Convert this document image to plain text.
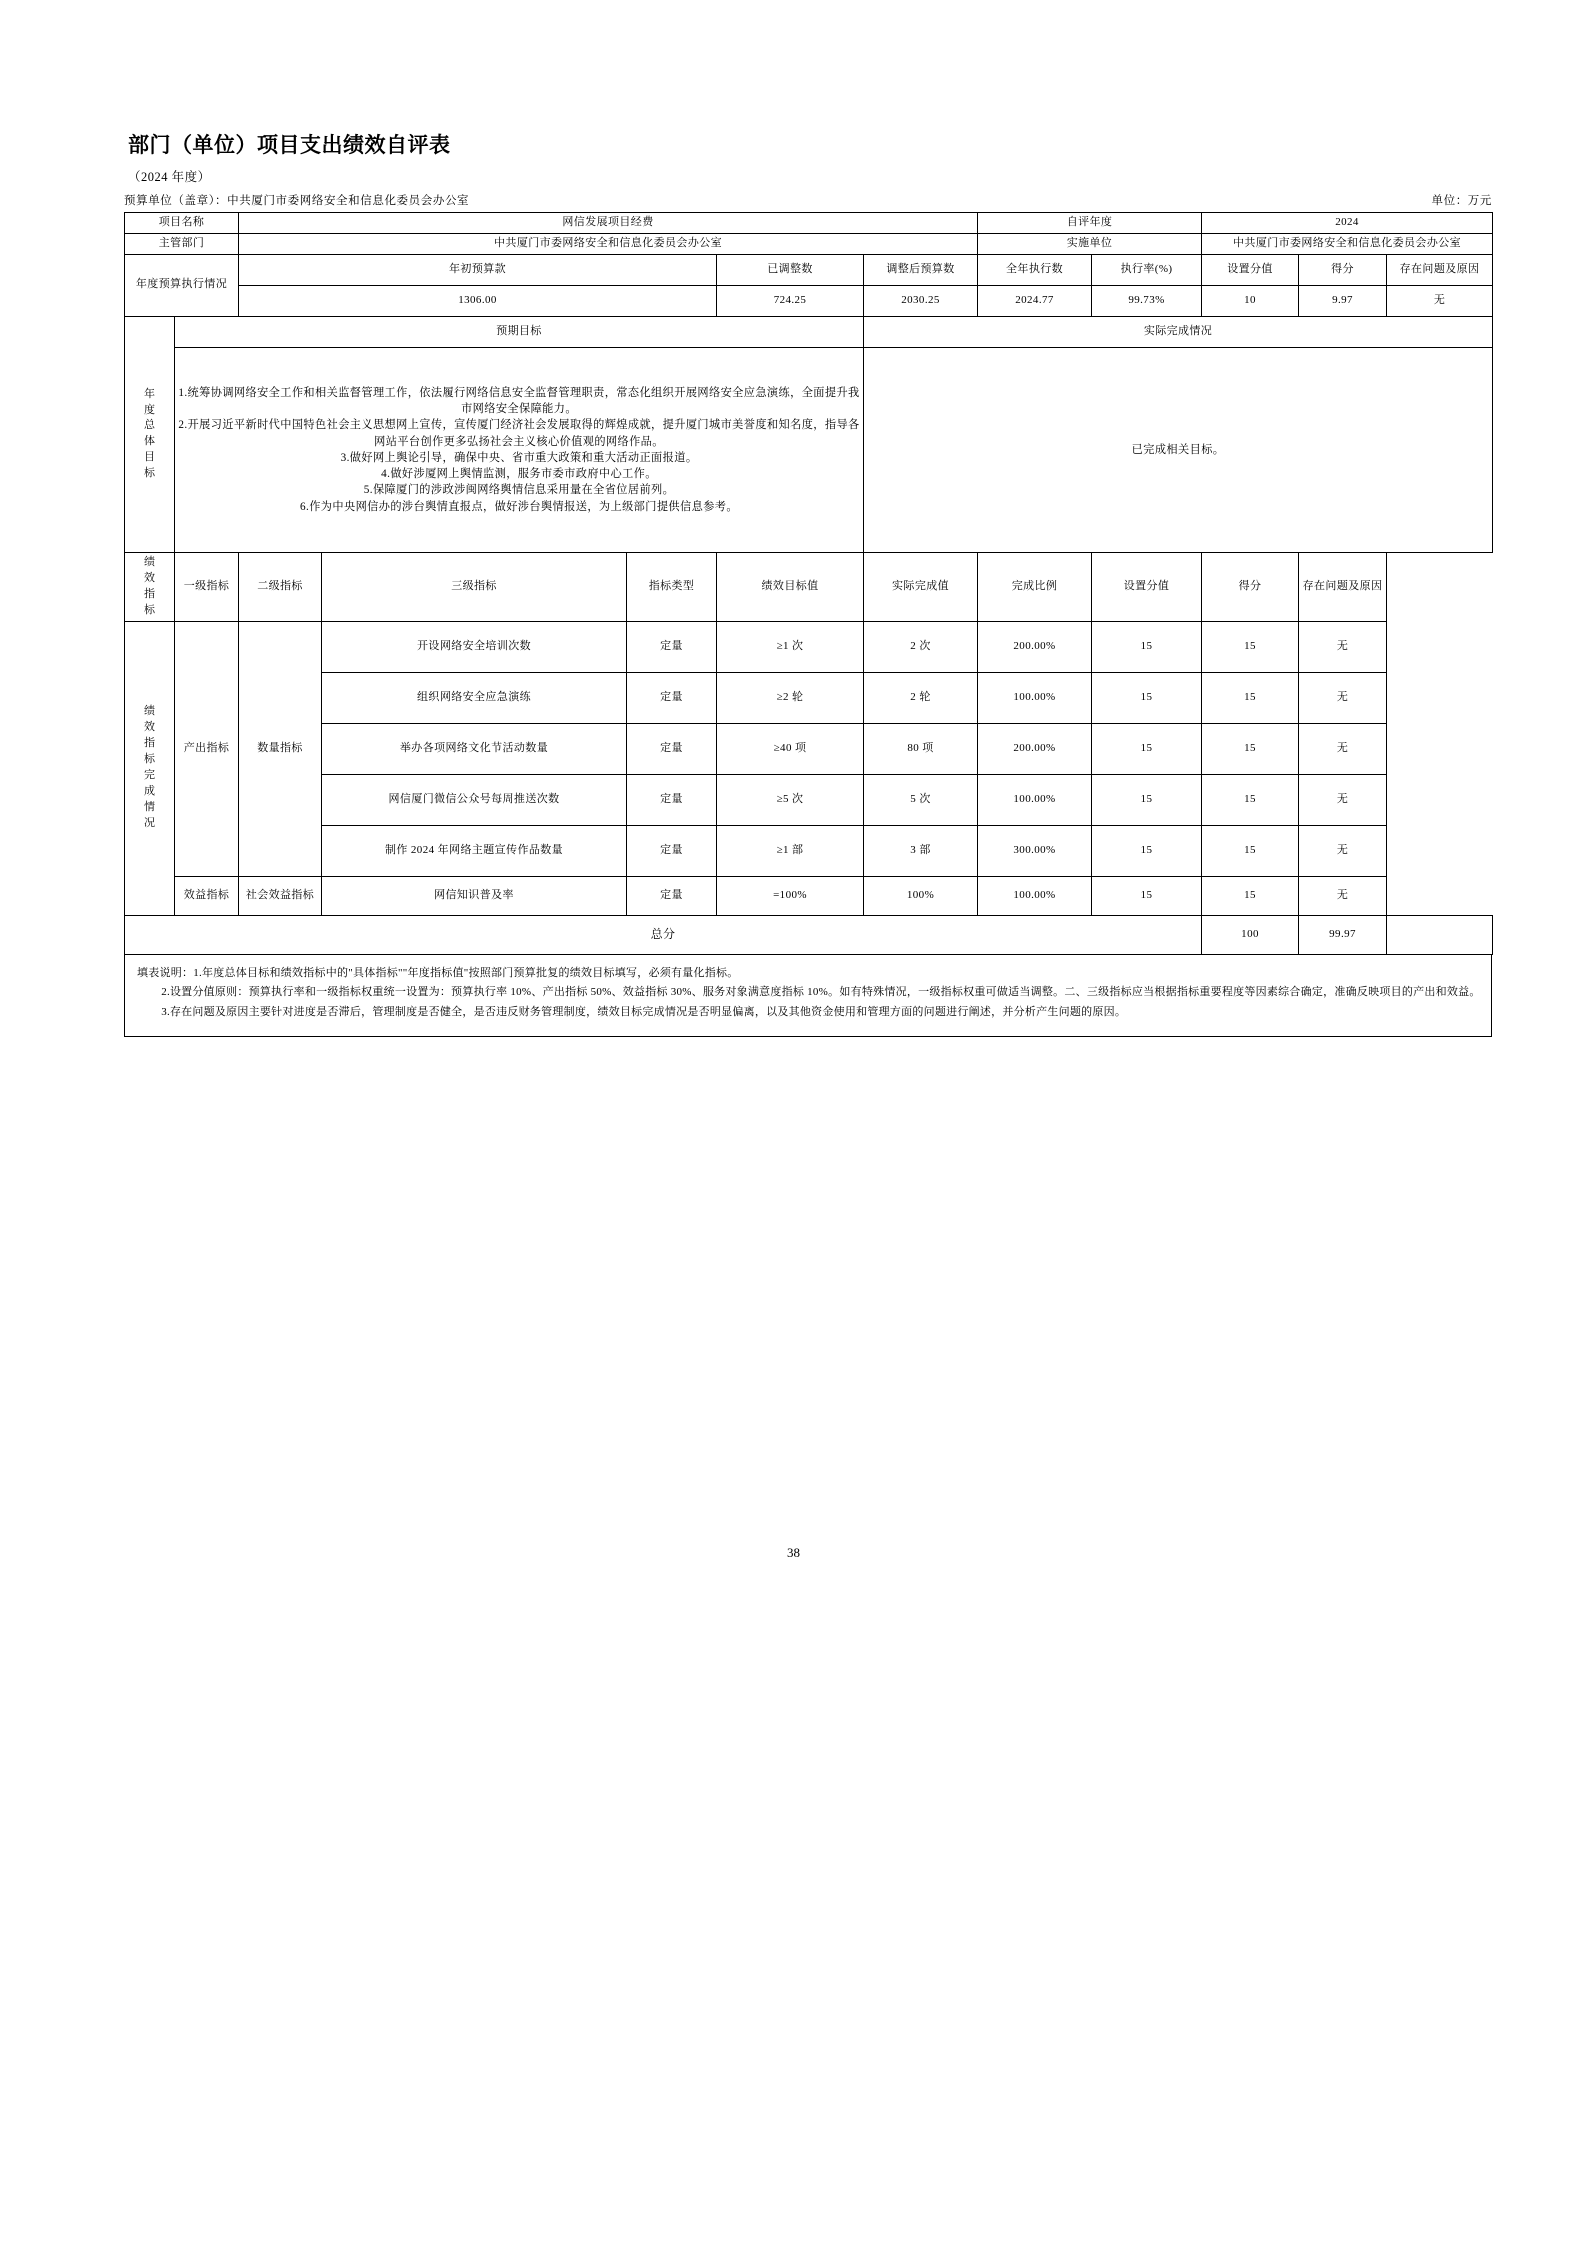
部门（单位）项目支出绩效自评表
（2024 年度）
预算单位（盖章）：中共厦门市委网络安全和信息化委员会办公室	单位：万元
项目名称		网信发展项目经费					自评年度		2024		
主管部门		中共厦门市委网络安全和信息化委员会办公室					实施单位		中共厦门市委网络安全和信息化委员会办公室		
年度预算执行情况		年初预算款			已调整数	调整后预算数	全年执行数	执行率(%)	设置分值	得分	存在问题及原因
		1306.00			724.25	2030.25	2024.77	99.73%	10	9.97	无
年度总体目标	预期目标					实际完成情况					

1.统筹协调网络安全工作和相关监督管理工作，依法履行网络信息安全监督管理职责，常态化组织开展网络安全应急演练，全面提升我市网络安全保障能力。

2.开展习近平新时代中国特色社会主义思想网上宣传，宣传厦门经济社会发展取得的辉煌成就，提升厦门城市美誉度和知名度，指导各网站平台创作更多弘扬社会主义核心价值观的网络作品。

3.做好网上舆论引导，确保中央、省市重大政策和重大活动正面报道。

4.做好涉厦网上舆情监测，服务市委市政府中心工作。

5.保障厦门的涉政涉闽网络舆情信息采用量在全省位居前列。

6.作为中央网信办的涉台舆情直报点，做好涉台舆情报送，为上级部门提供信息参考。

	已完成相关目标。
绩效指标	一级指标	二级指标	三级指标	指标类型	绩效目标值	实际完成值	完成比例	设置分值	得分	存在问题及原因	
绩效指标完成情况	产出指标	数量指标	开设网络安全培训次数	定量	≥1 次	2 次	200.00%	15	15	无	
			组织网络安全应急演练	定量	≥2 轮	2 轮	100.00%	15	15	无	
			举办各项网络文化节活动数量	定量	≥40 项	80 项	200.00%	15	15	无	
			网信厦门微信公众号每周推送次数	定量	≥5 次	5 次	100.00%	15	15	无	
			制作 2024 年网络主题宣传作品数量	定量	≥1 部	3 部	300.00%	15	15	无	
	效益指标	社会效益指标	网信知识普及率	定量	=100%	100%	100.00%	15	15	无	
总分									100	99.97	

填表说明：1.年度总体目标和绩效指标中的"具体指标""年度指标值"按照部门预算批复的绩效目标填写，必须有量化指标。

2.设置分值原则：预算执行率和一级指标权重统一设置为：预算执行率 10%、产出指标 50%、效益指标 30%、服务对象满意度指标 10%。如有特殊情况，一级指标权重可做适当调整。二、三级指标应当根据指标重要程度等因素综合确定，准确反映项目的产出和效益。

3.存在问题及原因主要针对进度是否滞后，管理制度是否健全，是否违反财务管理制度，绩效目标完成情况是否明显偏离，以及其他资金使用和管理方面的问题进行阐述，并分析产生问题的原因。

38
